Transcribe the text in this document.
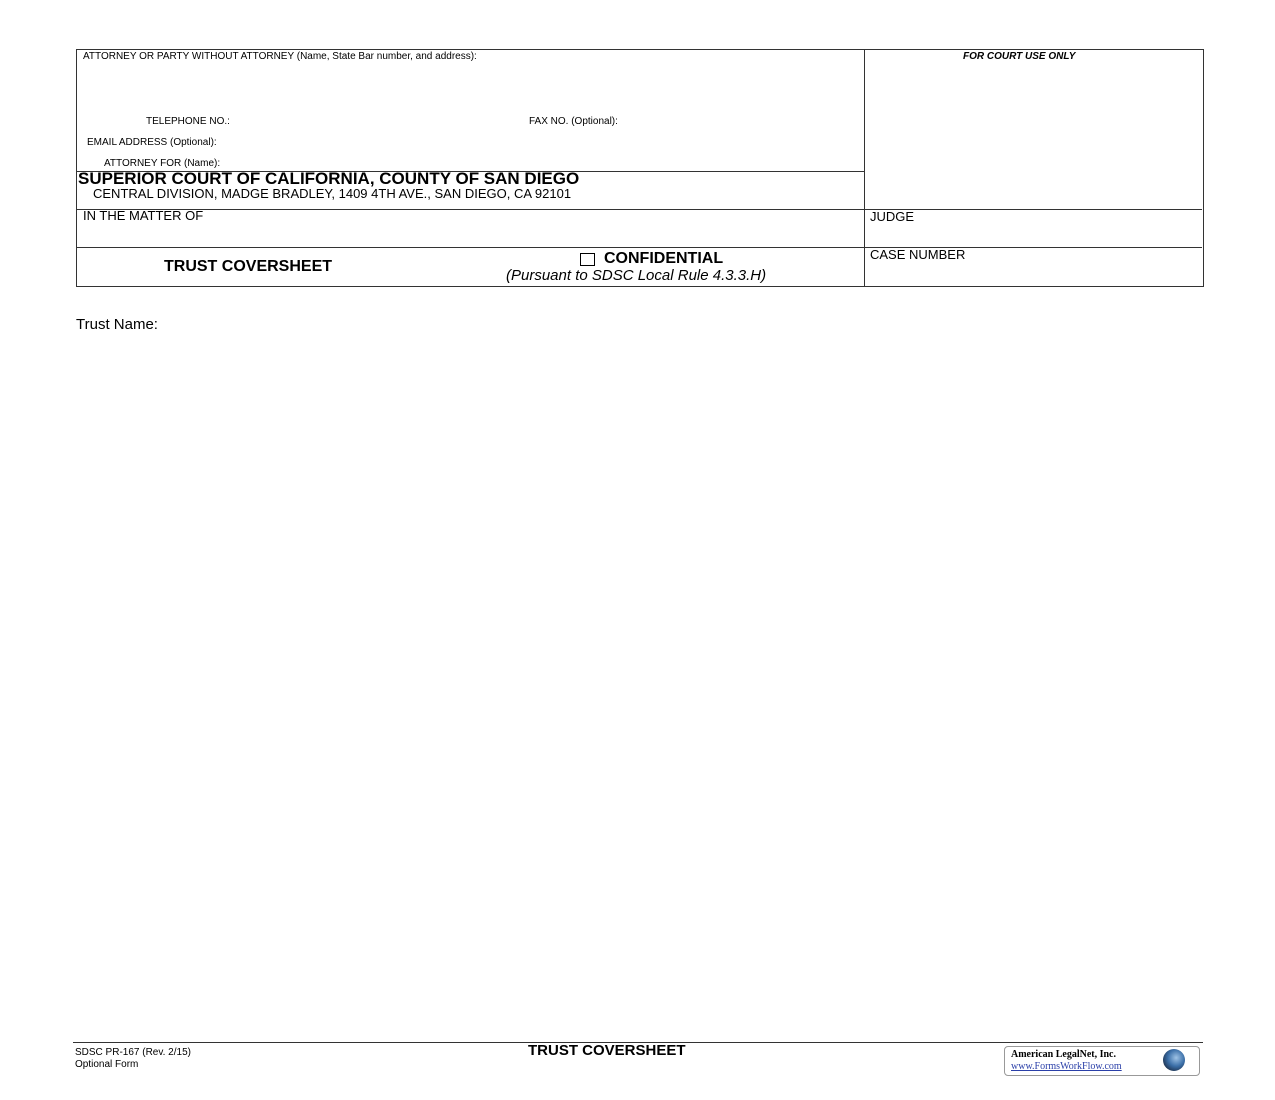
ATTORNEY OR PARTY WITHOUT ATTORNEY (Name, State Bar number, and address):
TELEPHONE NO.:	FAX NO. (Optional):
EMAIL ADDRESS (Optional):
ATTORNEY FOR (Name):
FOR COURT USE ONLY
SUPERIOR COURT OF CALIFORNIA, COUNTY OF SAN DIEGO
CENTRAL DIVISION, MADGE BRADLEY, 1409 4TH AVE., SAN DIEGO, CA 92101
IN THE MATTER OF	JUDGE
TRUST COVERSHEET	CONFIDENTIAL
(Pursuant to SDSC Local Rule 4.3.3.H)
CASE NUMBER
Trust Name:
SDSC PR-167 (Rev. 2/15)
Optional Form
TRUST COVERSHEET	American LegalNet, Inc.
www.FormsWorkFlow.com
